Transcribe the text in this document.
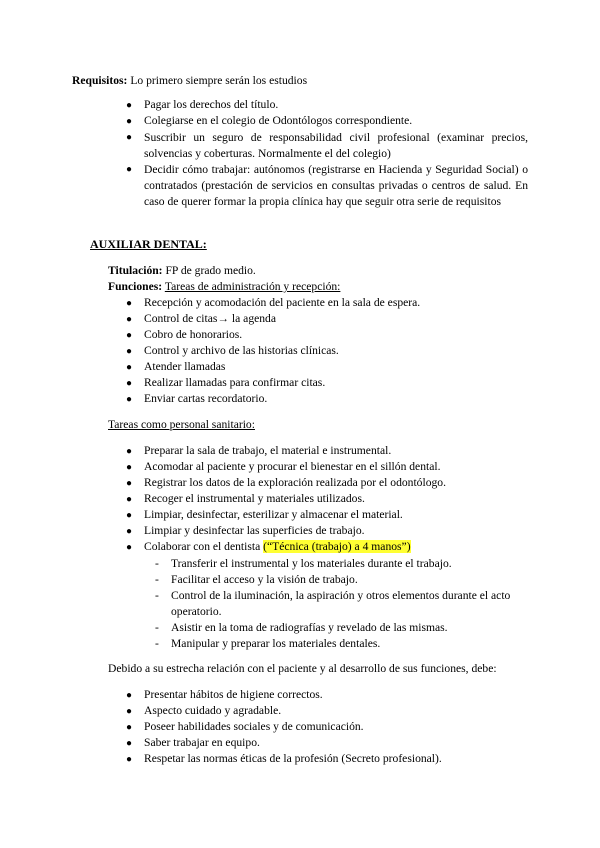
Requisitos: Lo primero siempre serán los estudios
● Pagar los derechos del título.
● Colegiarse en el colegio de Odontólogos correspondiente.
● Suscribir un seguro de responsabilidad civil profesional (examinar precios, solvencias y coberturas. Normalmente el del colegio)
● Decidir cómo trabajar: autónomos (registrarse en Hacienda y Seguridad Social) o contratados (prestación de servicios en consultas privadas o centros de salud. En caso de querer formar la propia clínica hay que seguir otra serie de requisitos
AUXILIAR DENTAL:
Titulación: FP de grado medio.
Funciones: Tareas de administración y recepción:
● Recepción y acomodación del paciente en la sala de espera.
● Control de citas→ la agenda
● Cobro de honorarios.
● Control y archivo de las historias clínicas.
● Atender llamadas
● Realizar llamadas para confirmar citas.
● Enviar cartas recordatorio.
Tareas como personal sanitario:
● Preparar la sala de trabajo, el material e instrumental.
● Acomodar al paciente y procurar el bienestar en el sillón dental.
● Registrar los datos de la exploración realizada por el odontólogo.
● Recoger el instrumental y materiales utilizados.
● Limpiar, desinfectar, esterilizar y almacenar el material.
● Limpiar y desinfectar las superficies de trabajo.
● Colaborar con el dentista (“Técnica (trabajo) a 4 manos”)
- Transferir el instrumental y los materiales durante el trabajo.
- Facilitar el acceso y la visión de trabajo.
- Control de la iluminación, la aspiración y otros elementos durante el acto operatorio.
- Asistir en la toma de radiografías y revelado de las mismas.
- Manipular y preparar los materiales dentales.
Debido a su estrecha relación con el paciente y al desarrollo de sus funciones, debe:
● Presentar hábitos de higiene correctos.
● Aspecto cuidado y agradable.
● Poseer habilidades sociales y de comunicación.
● Saber trabajar en equipo.
● Respetar las normas éticas de la profesión (Secreto profesional).
